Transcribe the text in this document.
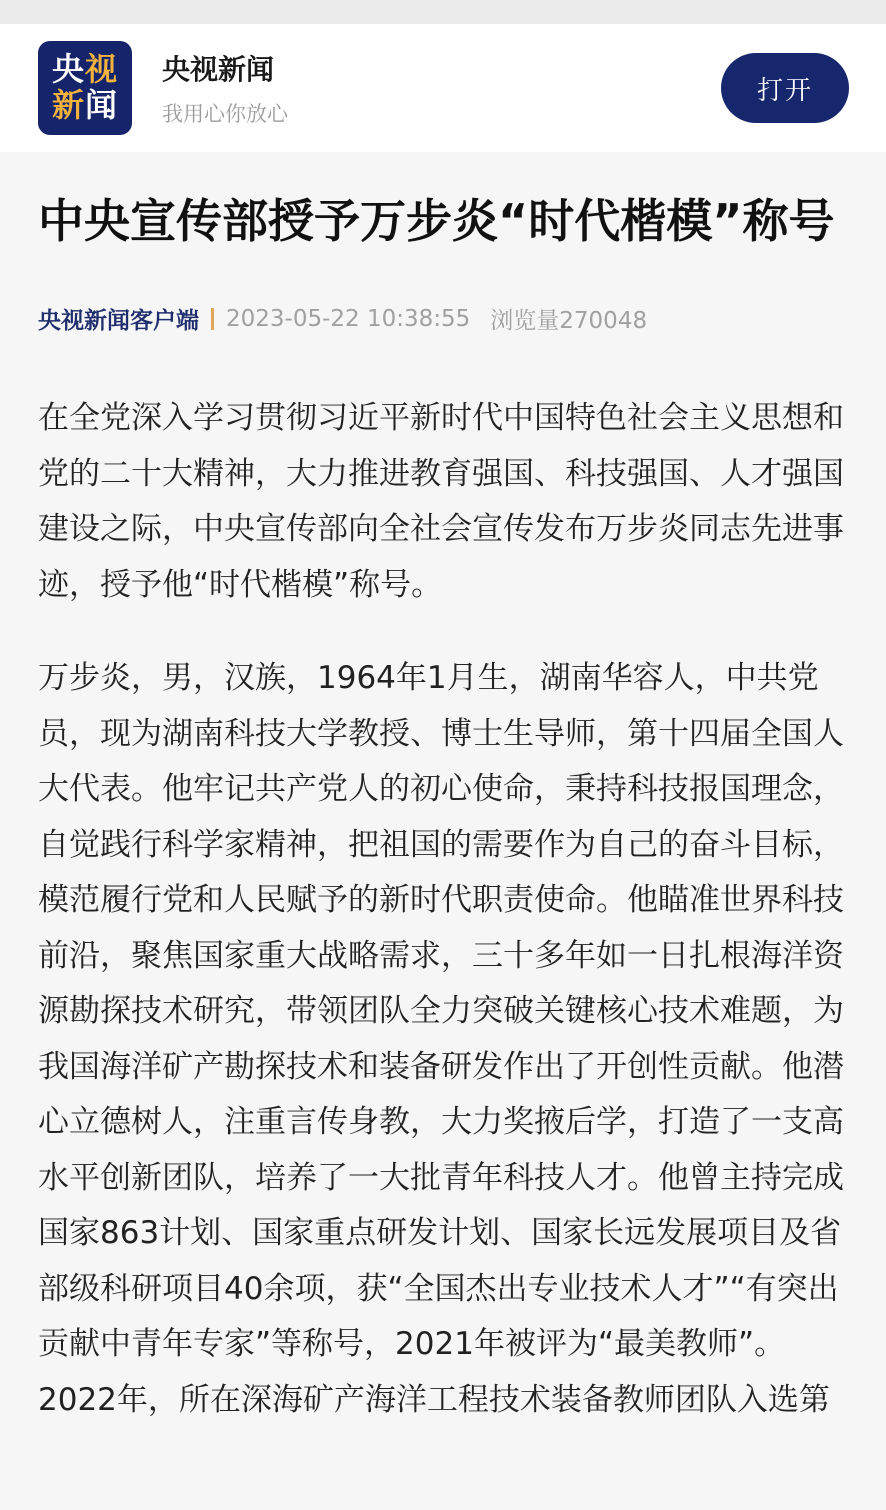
央 视
新 闻
央视新闻
我用心你放心
打开
中央宣传部授予万步炎“时代楷模”称号
央视新闻客户端 2023-05-22 10:38:55 浏览量270048

在全党深入学习贯彻习近平新时代中国特色社会主义思想和党的二十大精神，大力推进教育强国、科技强国、人才强国建设之际，中央宣传部向全社会宣传发布万步炎同志先进事迹，授予他“时代楷模”称号。

万步炎，男，汉族，1964年1月生，湖南华容人，中共党员，现为湖南科技大学教授、博士生导师，第十四届全国人大代表。他牢记共产党人的初心使命，秉持科技报国理念，自觉践行科学家精神，把祖国的需要作为自己的奋斗目标，模范履行党和人民赋予的新时代职责使命。他瞄准世界科技前沿，聚焦国家重大战略需求，三十多年如一日扎根海洋资源勘探技术研究，带领团队全力突破关键核心技术难题，为我国海洋矿产勘探技术和装备研发作出了开创性贡献。他潜心立德树人，注重言传身教，大力奖掖后学，打造了一支高水平创新团队，培养了一大批青年科技人才。他曾主持完成国家863计划、国家重点研发计划、国家长远发展项目及省部级科研项目40余项，获“全国杰出专业技术人才”“有突出贡献中青年专家”等称号，2021年被评为“最美教师”。2022年，所在深海矿产海洋工程技术装备教师团队入选第
